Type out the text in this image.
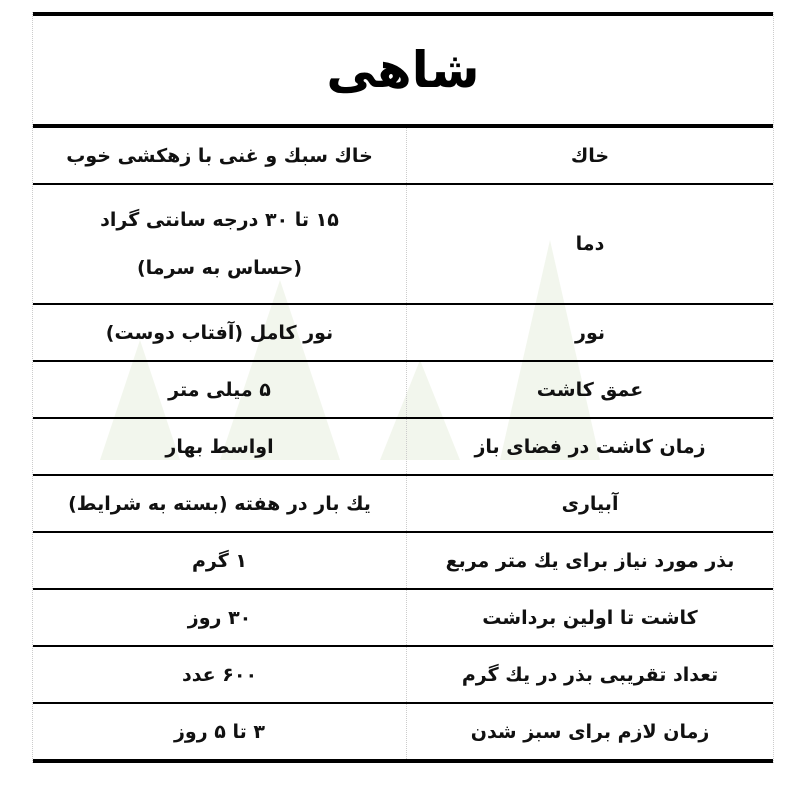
شاهی
خاك
خاك سبك و غنی با زهكشی خوب
دما
۱۵ تا ۳۰ درجه سانتی گراد
(حساس به سرما)
نور
نور كامل (آفتاب دوست)
عمق كاشت
۵ میلی متر
زمان كاشت در فضای باز
اواسط بهار
آبیاری
یك بار در هفته (بسته به شرایط)
بذر مورد نیاز برای یك متر مربع
۱ گرم
كاشت تا اولین برداشت
۳۰ روز
تعداد تقریبی بذر در یك گرم
۶۰۰ عدد
زمان لازم برای سبز شدن
۳ تا ۵ روز
